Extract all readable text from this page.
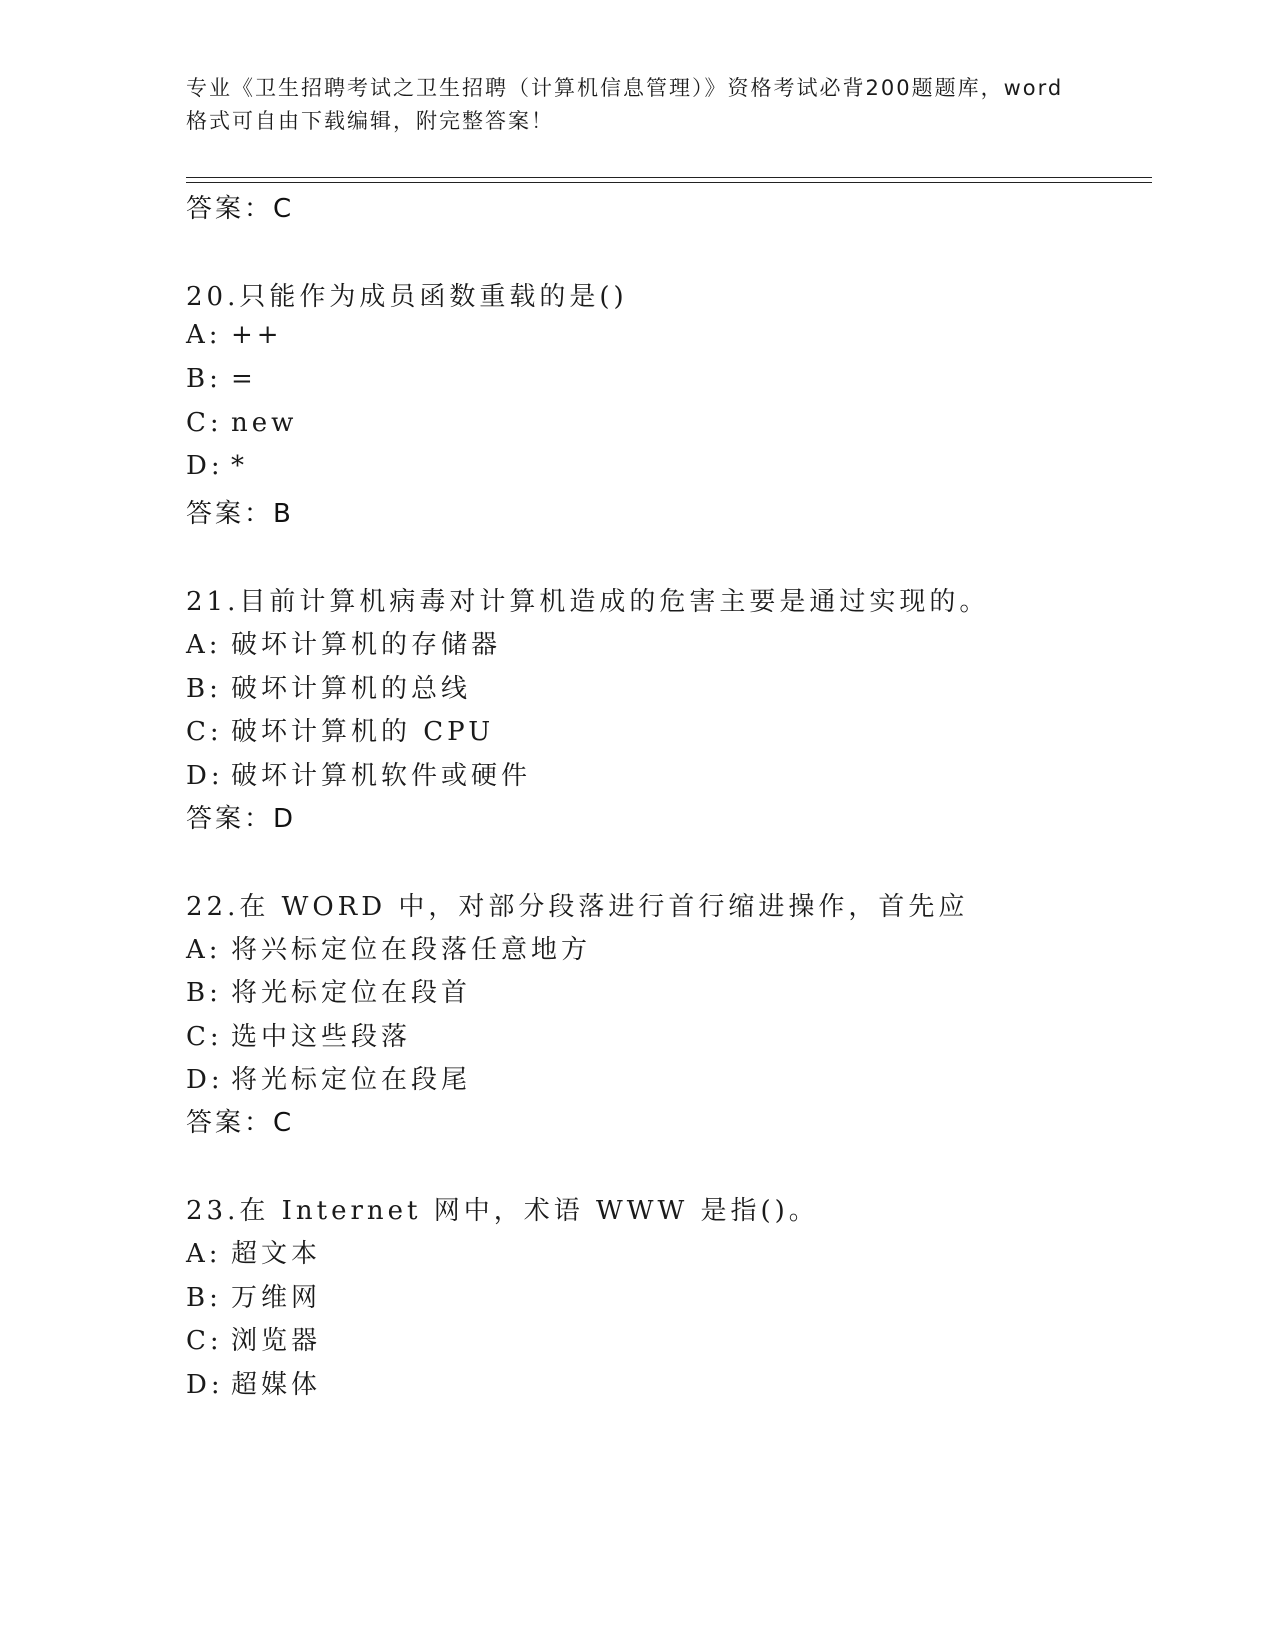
专业《卫生招聘考试之卫生招聘（计算机信息管理）》资格考试必背200题题库，word格式可自由下载编辑，附完整答案！
答案：C
20.只能作为成员函数重载的是()
A: ++
B: =
C: new
D: *
答案：B
21.目前计算机病毒对计算机造成的危害主要是通过实现的。
A: 破坏计算机的存储器
B: 破坏计算机的总线
C: 破坏计算机的 CPU
D: 破坏计算机软件或硬件
答案：D
22.在 WORD 中，对部分段落进行首行缩进操作，首先应
A: 将兴标定位在段落任意地方
B: 将光标定位在段首
C: 选中这些段落
D: 将光标定位在段尾
答案：C
23.在 Internet 网中，术语 WWW 是指()。
A: 超文本
B: 万维网
C: 浏览器
D: 超媒体
